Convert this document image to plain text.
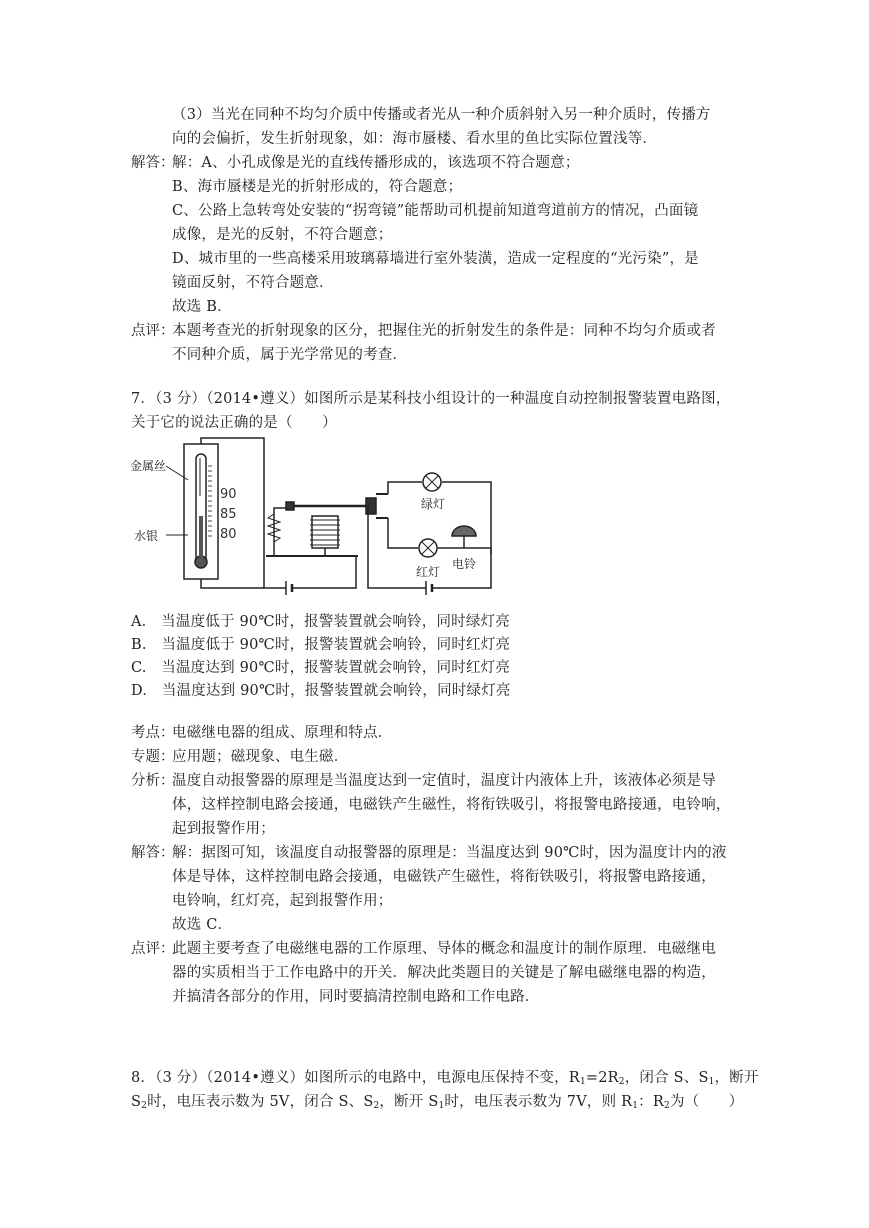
（3）当光在同种不均匀介质中传播或者光从一种介质斜射入另一种介质时，传播方
向的会偏折，发生折射现象，如：海市蜃楼、看水里的鱼比实际位置浅等．
解答：
解：A、小孔成像是光的直线传播形成的，该选项不符合题意；
B、海市蜃楼是光的折射形成的，符合题意；
C、公路上急转弯处安装的“拐弯镜”能帮助司机提前知道弯道前方的情况，凸面镜
成像，是光的反射，不符合题意；
D、城市里的一些高楼采用玻璃幕墙进行室外装潢，造成一定程度的“光污染”，是
镜面反射，不符合题意．
故选 B．
点评：
本题考查光的折射现象的区分，把握住光的折射发生的条件是：同种不均匀介质或者
不同种介质，属于光学常见的考查．
7．（3 分）（2014•遵义）如图所示是某科技小组设计的一种温度自动控制报警装置电路图，
关于它的说法正确的是（　　）
金属丝
水银
90
85
80
绿灯
红灯
电铃
A.　当温度低于 90℃时，报警装置就会响铃，同时绿灯亮
B.　当温度低于 90℃时，报警装置就会响铃，同时红灯亮
C.　当温度达到 90℃时，报警装置就会响铃，同时红灯亮
D.　当温度达到 90℃时，报警装置就会响铃，同时绿灯亮
考点：
电磁继电器的组成、原理和特点．
专题：
应用题；磁现象、电生磁．
分析：
温度自动报警器的原理是当温度达到一定值时，温度计内液体上升，该液体必须是导
体，这样控制电路会接通，电磁铁产生磁性，将衔铁吸引，将报警电路接通，电铃响，
起到报警作用；
解答：
解：据图可知，该温度自动报警器的原理是：当温度达到 90℃时，因为温度计内的液
体是导体，这样控制电路会接通，电磁铁产生磁性，将衔铁吸引，将报警电路接通，
电铃响，红灯亮，起到报警作用；
故选 C．
点评：
此题主要考查了电磁继电器的工作原理、导体的概念和温度计的制作原理．电磁继电
器的实质相当于工作电路中的开关．解决此类题目的关键是了解电磁继电器的构造，
并搞清各部分的作用，同时要搞清控制电路和工作电路．
8．（3 分）（2014•遵义）如图所示的电路中，电源电压保持不变，$R_1=2R_2$，闭合 S、$S_1$，断开
$S_2$时，电压表示数为 5V，闭合 S、$S_2$，断开 $S_1$时，电压表示数为 7V，则 $R_1$：$R_2$为（　　）
